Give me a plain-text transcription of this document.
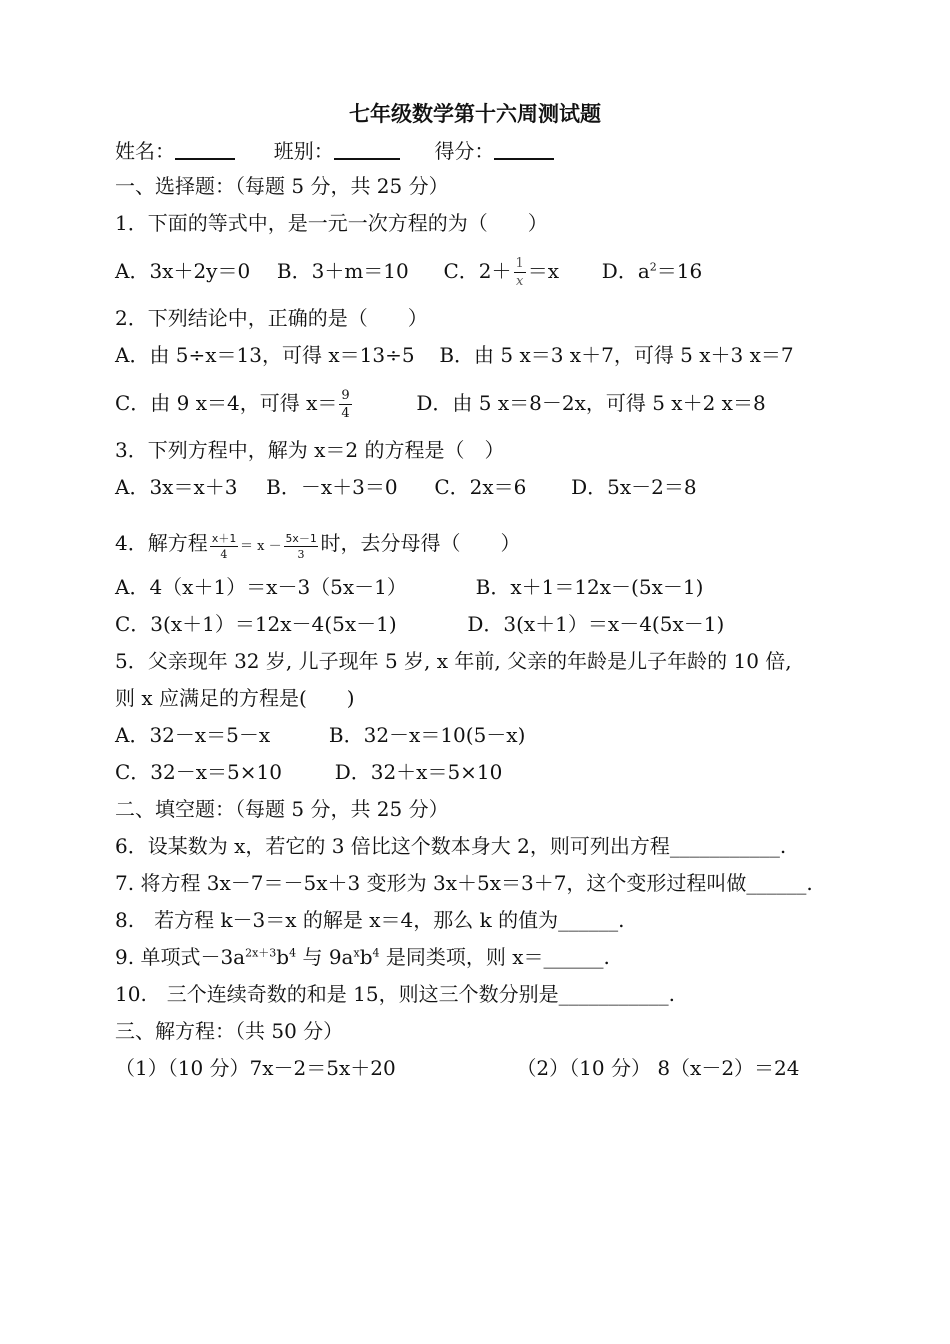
七年级数学第十六周测试题
姓名：	班别：	得分：
一、选择题：（每题 5 分，共 25 分）
1．下面的等式中，是一元一次方程的为（　　）
A．3x＋2y＝0 B．3＋m＝10 C．$2+ \frac{1}{x} =x$ D．$a^2=16$
2．下列结论中，正确的是（　　）
A．由 5÷x＝13，可得 x＝13÷5 B．由 5 x＝3 x＋7，可得 5 x＋3 x＝7
C．由 9 x＝4，可得 $x= \frac{9}{4}$	D．由 5 x＝8－2x，可得 5 x＋2 x＝8
3．下列方程中，解为 x＝2 的方程是（　）
A．3x＝x＋3 B．－x＋3＝0 C．2x＝6 D．5x－2＝8
4．解方程 $\frac{x+1}{4} = x - \frac{5x-1}{3}$ 时，去分母得（　　）
A．4（x＋1）＝x－3（5x－1）	B．x＋1＝12x－(5x－1)
C．3(x＋1）＝12x－4(5x－1)	D．3(x＋1）＝x－4(5x－1)
5．父亲现年 32 岁, 儿子现年 5 岁, x 年前, 父亲的年龄是儿子年龄的 10 倍,
则 x 应满足的方程是(　　)
A．32－x＝5－x	B．32－x＝10(5－x)
C．32－x＝5×10	D．32＋x＝5×10
二、填空题：（每题 5 分，共 25 分）
6．设某数为 x，若它的 3 倍比这个数本身大 2，则可列出方程___________.
7. 将方程 3x－7＝－5x＋3 变形为 3x＋5x＝3＋7，这个变形过程叫做______.
8.　若方程 k－3＝x 的解是 x＝4，那么 k 的值为______.
9. 单项式$-3a^{2x+3}b^4$ 与 $9a^xb^4$ 是同类项，则 x＝______.
10.　三个连续奇数的和是 15，则这三个数分别是___________.
三、解方程：（共 50 分）
（1）（10 分）7x－2＝5x＋20	（2）（10 分） 8（x－2）＝24
